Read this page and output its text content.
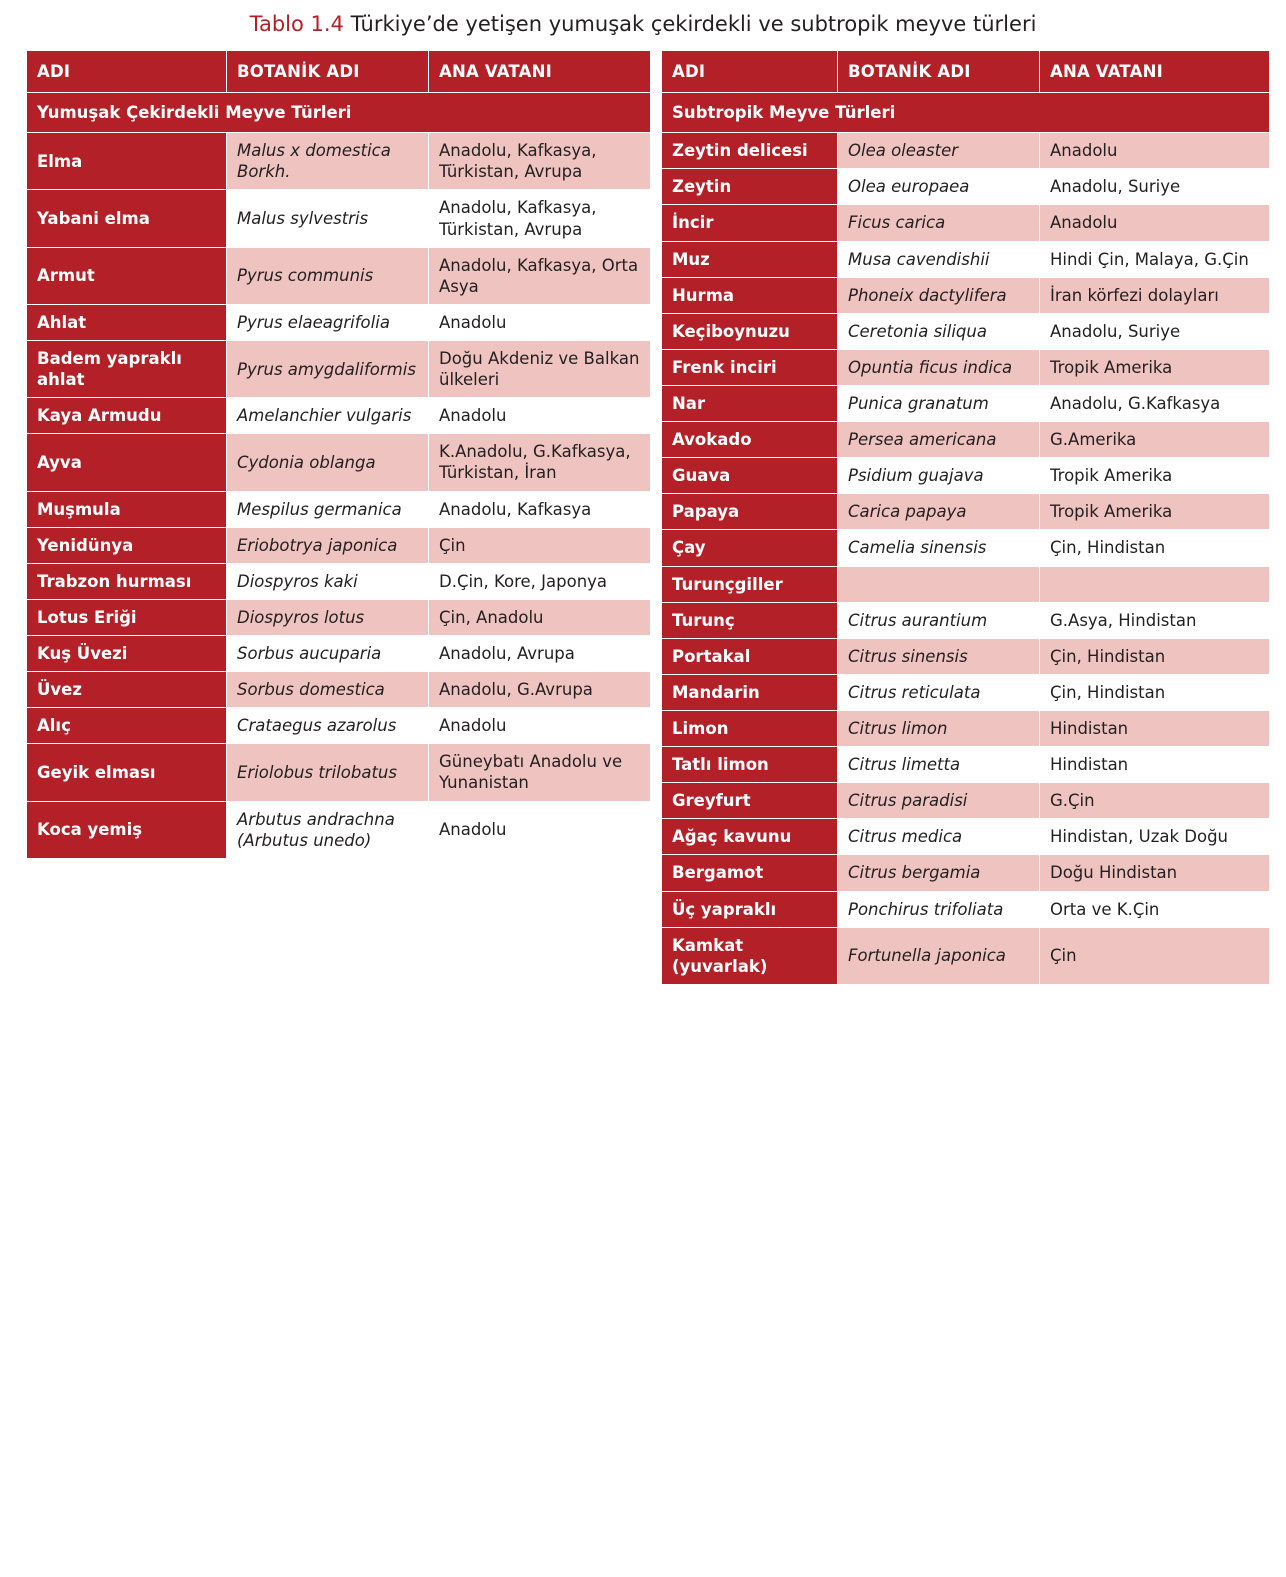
Tablo 1.4 Türkiye’de yetişen yumuşak çekirdekli ve subtropik meyve türleri
ADI	BOTANİK ADI	ANA VATANI
Yumuşak Çekirdekli Meyve Türleri		
Elma	Malus x domestica Borkh.	Anadolu, Kafkasya, Türkistan, Avrupa
Yabani elma	Malus sylvestris	Anadolu, Kafkasya, Türkistan, Avrupa
Armut	Pyrus communis	Anadolu, Kafkasya, Orta Asya
Ahlat	Pyrus elaeagrifolia	Anadolu
Badem yapraklı ahlat	Pyrus amygdaliformis	Doğu Akdeniz ve Balkan ülkeleri
Kaya Armudu	Amelanchier vulgaris	Anadolu
Ayva	Cydonia oblanga	K.Anadolu, G.Kafkasya, Türkistan, İran
Muşmula	Mespilus germanica	Anadolu, Kafkasya
Yenidünya	Eriobotrya japonica	Çin
Trabzon hurması	Diospyros kaki	D.Çin, Kore, Japonya
Lotus Eriği	Diospyros lotus	Çin, Anadolu
Kuş Üvezi	Sorbus aucuparia	Anadolu, Avrupa
Üvez	Sorbus domestica	Anadolu, G.Avrupa
Alıç	Crataegus azarolus	Anadolu
Geyik elması	Eriolobus trilobatus	Güneybatı Anadolu ve Yunanistan
Koca yemiş	Arbutus andrachna (Arbutus unedo)	Anadolu
ADI	BOTANİK ADI	ANA VATANI
Subtropik Meyve Türleri		
Zeytin delicesi	Olea oleaster	Anadolu
Zeytin	Olea europaea	Anadolu, Suriye
İncir	Ficus carica	Anadolu
Muz	Musa cavendishii	Hindi Çin, Malaya, G.Çin
Hurma	Phoneix dactylifera	İran körfezi dolayları
Keçiboynuzu	Ceretonia siliqua	Anadolu, Suriye
Frenk inciri	Opuntia ficus indica	Tropik Amerika
Nar	Punica granatum	Anadolu, G.Kafkasya
Avokado	Persea americana	G.Amerika
Guava	Psidium guajava	Tropik Amerika
Papaya	Carica papaya	Tropik Amerika
Çay	Camelia sinensis	Çin, Hindistan
Turunçgiller		
Turunç	Citrus aurantium	G.Asya, Hindistan
Portakal	Citrus sinensis	Çin, Hindistan
Mandarin	Citrus reticulata	Çin, Hindistan
Limon	Citrus limon	Hindistan
Tatlı limon	Citrus limetta	Hindistan
Greyfurt	Citrus paradisi	G.Çin
Ağaç kavunu	Citrus medica	Hindistan, Uzak Doğu
Bergamot	Citrus bergamia	Doğu Hindistan
Üç yapraklı	Ponchirus trifoliata	Orta ve K.Çin
Kamkat (yuvarlak)	Fortunella japonica	Çin
